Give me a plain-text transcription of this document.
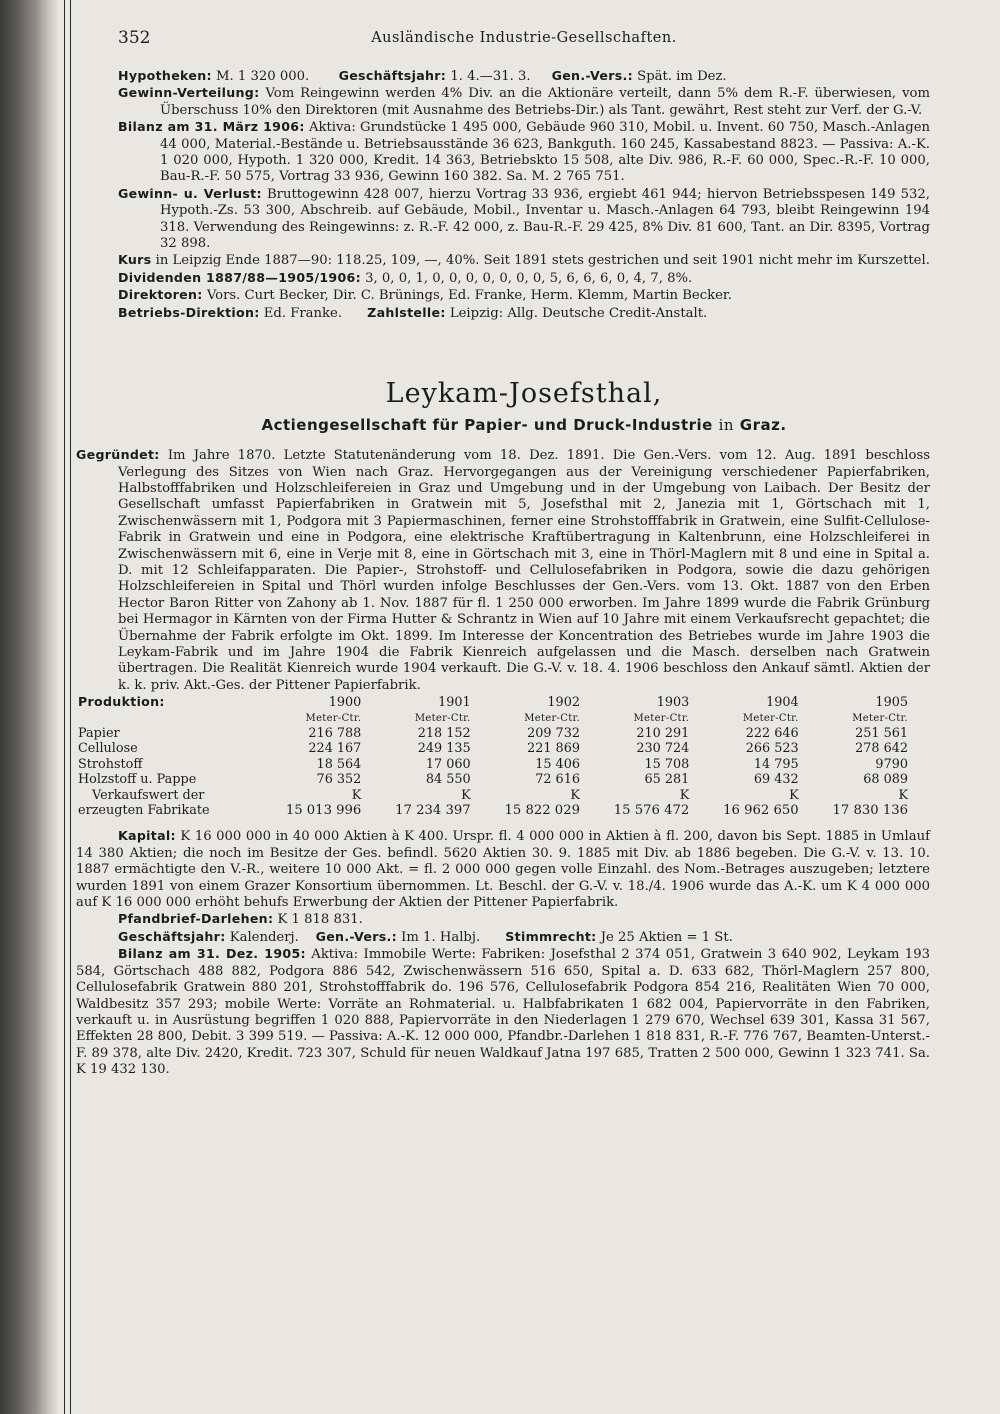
352	Ausländische Industrie-Gesellschaften.
Hypotheken: M. 1 320 000. Geschäftsjahr: 1. 4.—31. 3. Gen.-Vers.: Spät. im Dez.
Gewinn-Verteilung: Vom Reingewinn werden 4% Div. an die Aktionäre verteilt, dann 5% dem R.-F. überwiesen, vom Überschuss 10% den Direktoren (mit Ausnahme des Betriebs-Dir.) als Tant. gewährt, Rest steht zur Verf. der G.-V.
Bilanz am 31. März 1906: Aktiva: Grundstücke 1 495 000, Gebäude 960 310, Mobil. u. Invent. 60 750, Masch.-Anlagen 44 000, Material.-Bestände u. Betriebsausstände 36 623, Bankguth. 160 245, Kassabestand 8823. — Passiva: A.-K. 1 020 000, Hypoth. 1 320 000, Kredit. 14 363, Betriebskto 15 508, alte Div. 986, R.-F. 60 000, Spec.-R.-F. 10 000, Bau-R.-F. 50 575, Vortrag 33 936, Gewinn 160 382. Sa. M. 2 765 751.
Gewinn- u. Verlust: Bruttogewinn 428 007, hierzu Vortrag 33 936, ergiebt 461 944; hiervon Betriebsspesen 149 532, Hypoth.-Zs. 53 300, Abschreib. auf Gebäude, Mobil., Inventar u. Masch.-Anlagen 64 793, bleibt Reingewinn 194 318. Verwendung des Reingewinns: z. R.-F. 42 000, z. Bau-R.-F. 29 425, 8% Div. 81 600, Tant. an Dir. 8395, Vortrag 32 898.
Kurs in Leipzig Ende 1887—90: 118.25, 109, —, 40%. Seit 1891 stets gestrichen und seit 1901 nicht mehr im Kurszettel.
Dividenden 1887/88—1905/1906: 3, 0, 0, 1, 0, 0, 0, 0, 0, 0, 0, 5, 6, 6, 6, 0, 4, 7, 8%.
Direktoren: Vors. Curt Becker, Dir. C. Brünings, Ed. Franke, Herm. Klemm, Martin Becker.
Betriebs-Direktion: Ed. Franke. Zahlstelle: Leipzig: Allg. Deutsche Credit-Anstalt.
Leykam-Josefsthal,
Actiengesellschaft für Papier- und Druck-Industrie in Graz.
Gegründet: Im Jahre 1870. Letzte Statutenänderung vom 18. Dez. 1891. Die Gen.-Vers. vom 12. Aug. 1891 beschloss Verlegung des Sitzes von Wien nach Graz. Hervorgegangen aus der Vereinigung verschiedener Papierfabriken, Halbstofffabriken und Holzschleifereien in Graz und Umgebung und in der Umgebung von Laibach. Der Besitz der Gesellschaft umfasst Papierfabriken in Gratwein mit 5, Josefsthal mit 2, Janezia mit 1, Görtschach mit 1, Zwischenwässern mit 1, Podgora mit 3 Papiermaschinen, ferner eine Strohstofffabrik in Gratwein, eine Sulfit-Cellulose-Fabrik in Gratwein und eine in Podgora, eine elektrische Kraftübertragung in Kaltenbrunn, eine Holzschleiferei in Zwischenwässern mit 6, eine in Verje mit 8, eine in Görtschach mit 3, eine in Thörl-Maglern mit 8 und eine in Spital a. D. mit 12 Schleifapparaten. Die Papier-, Strohstoff- und Cellulosefabriken in Podgora, sowie die dazu gehörigen Holzschleifereien in Spital und Thörl wurden infolge Beschlusses der Gen.-Vers. vom 13. Okt. 1887 von den Erben Hector Baron Ritter von Zahony ab 1. Nov. 1887 für fl. 1 250 000 erworben. Im Jahre 1899 wurde die Fabrik Grünburg bei Hermagor in Kärnten von der Firma Hutter & Schrantz in Wien auf 10 Jahre mit einem Verkaufsrecht gepachtet; die Übernahme der Fabrik erfolgte im Okt. 1899. Im Interesse der Koncentration des Betriebes wurde im Jahre 1903 die Leykam-Fabrik und im Jahre 1904 die Fabrik Kienreich aufgelassen und die Masch. derselben nach Gratwein übertragen. Die Realität Kienreich wurde 1904 verkauft. Die G.-V. v. 18. 4. 1906 beschloss den Ankauf sämtl. Aktien der k. k. priv. Akt.-Ges. der Pittener Papierfabrik.
Produktion:	1900	1901	1902	1903	1904	1905
	Meter-Ctr.	Meter-Ctr.	Meter-Ctr.	Meter-Ctr.	Meter-Ctr.	Meter-Ctr.
Papier	216 788	218 152	209 732	210 291	222 646	251 561
Cellulose	224 167	249 135	221 869	230 724	266 523	278 642
Strohstoff	18 564	17 060	15 406	15 708	14 795	9790
Holzstoff u. Pappe	76 352	84 550	72 616	65 281	69 432	68 089
Verkaufswert der	K	K	K	K	K	K
erzeugten Fabrikate	15 013 996	17 234 397	15 822 029	15 576 472	16 962 650	17 830 136
Kapital: K 16 000 000 in 40 000 Aktien à K 400. Urspr. fl. 4 000 000 in Aktien à fl. 200, davon bis Sept. 1885 in Umlauf 14 380 Aktien; die noch im Besitze der Ges. befindl. 5620 Aktien 30. 9. 1885 mit Div. ab 1886 begeben. Die G.-V. v. 13. 10. 1887 ermächtigte den V.-R., weitere 10 000 Akt. = fl. 2 000 000 gegen volle Einzahl. des Nom.-Betrages auszugeben; letztere wurden 1891 von einem Grazer Konsortium übernommen. Lt. Beschl. der G.-V. v. 18./4. 1906 wurde das A.-K. um K 4 000 000 auf K 16 000 000 erhöht behufs Erwerbung der Aktien der Pittener Papierfabrik.
Pfandbrief-Darlehen: K 1 818 831.
Geschäftsjahr: Kalenderj. Gen.-Vers.: Im 1. Halbj. Stimmrecht: Je 25 Aktien = 1 St.
Bilanz am 31. Dez. 1905: Aktiva: Immobile Werte: Fabriken: Josefsthal 2 374 051, Gratwein 3 640 902, Leykam 193 584, Görtschach 488 882, Podgora 886 542, Zwischenwässern 516 650, Spital a. D. 633 682, Thörl-Maglern 257 800, Cellulosefabrik Gratwein 880 201, Strohstofffabrik do. 196 576, Cellulosefabrik Podgora 854 216, Realitäten Wien 70 000, Waldbesitz 357 293; mobile Werte: Vorräte an Rohmaterial. u. Halbfabrikaten 1 682 004, Papiervorräte in den Fabriken, verkauft u. in Ausrüstung begriffen 1 020 888, Papiervorräte in den Niederlagen 1 279 670, Wechsel 639 301, Kassa 31 567, Effekten 28 800, Debit. 3 399 519. — Passiva: A.-K. 12 000 000, Pfandbr.-Darlehen 1 818 831, R.-F. 776 767, Beamten-Unterst.-F. 89 378, alte Div. 2420, Kredit. 723 307, Schuld für neuen Waldkauf Jatna 197 685, Tratten 2 500 000, Gewinn 1 323 741. Sa. K 19 432 130.
